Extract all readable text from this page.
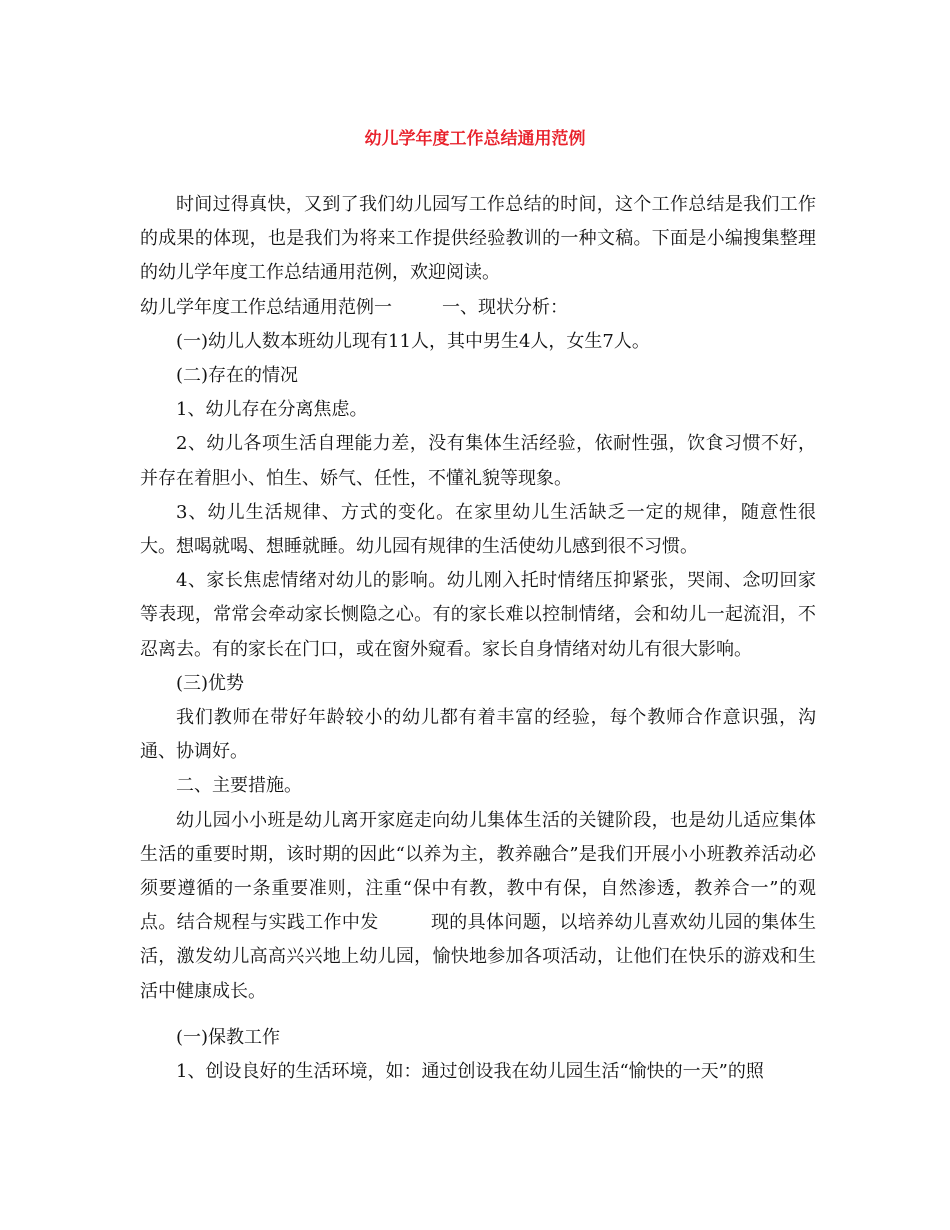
幼儿学年度工作总结通用范例

时间过得真快，又到了我们幼儿园写工作总结的时间，这个工作总结是我们工作的成果的体现，也是我们为将来工作提供经验教训的一种文稿。下面是小编搜集整理的幼儿学年度工作总结通用范例，欢迎阅读。

幼儿学年度工作总结通用范例一	一、现状分析：

(一)幼儿人数本班幼儿现有11人，其中男生4人，女生7人。

(二)存在的情况

1、幼儿存在分离焦虑。

2、幼儿各项生活自理能力差，没有集体生活经验，依耐性强，饮食习惯不好，并存在着胆小、怕生、娇气、任性，不懂礼貌等现象。

3、幼儿生活规律、方式的变化。在家里幼儿生活缺乏一定的规律，随意性很大。想喝就喝、想睡就睡。幼儿园有规律的生活使幼儿感到很不习惯。

4、家长焦虑情绪对幼儿的影响。幼儿刚入托时情绪压抑紧张，哭闹、念叨回家等表现，常常会牵动家长恻隐之心。有的家长难以控制情绪，会和幼儿一起流泪，不忍离去。有的家长在门口，或在窗外窥看。家长自身情绪对幼儿有很大影响。

(三)优势

我们教师在带好年龄较小的幼儿都有着丰富的经验，每个教师合作意识强，沟通、协调好。

二、主要措施。

幼儿园小小班是幼儿离开家庭走向幼儿集体生活的关键阶段，也是幼儿适应集体生活的重要时期，该时期的因此“以养为主，教养融合”是我们开展小小班教养活动必须要遵循的一条重要准则，注重“保中有教，教中有保，自然渗透，教养合一”的观点。结合规程与实践工作中发	现的具体问题，以培养幼儿喜欢幼儿园的集体生活，激发幼儿高高兴兴地上幼儿园，愉快地参加各项活动，让他们在快乐的游戏和生活中健康成长。

(一)保教工作

1、创设良好的生活环境，如：通过创设我在幼儿园生活“愉快的一天”的照
